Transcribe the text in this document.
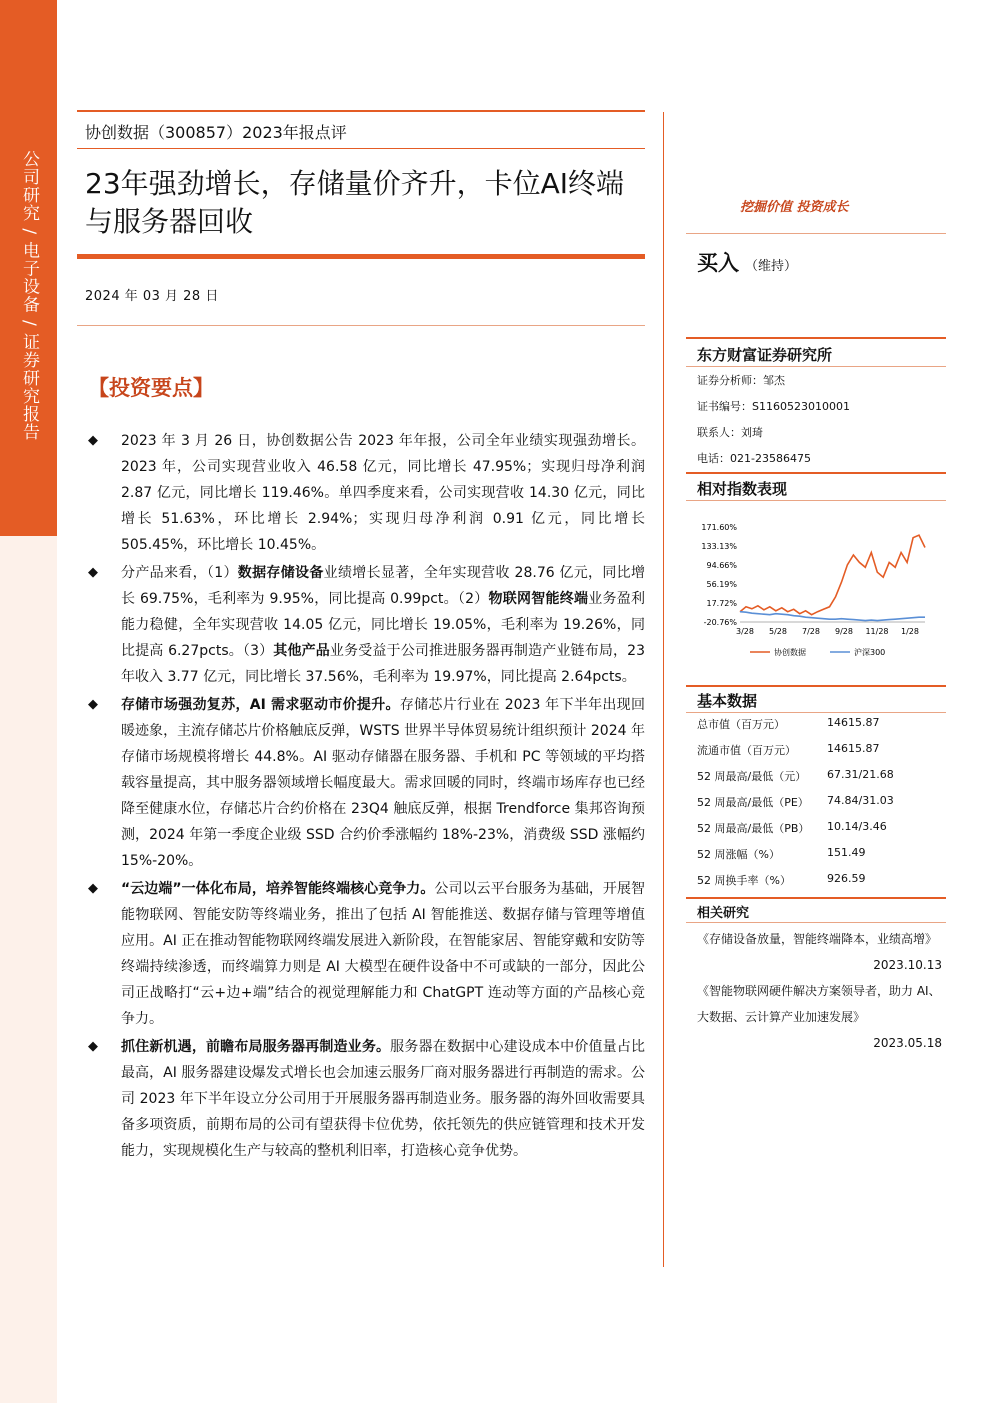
公司研究 / 电子设备 / 证券研究报告
协创数据（300857）2023年报点评
23年强劲增长，存储量价齐升，卡位AI终端与服务器回收
2024 年 03 月 28 日
【投资要点】
◆ 2023 年 3 月 26 日，协创数据公告 2023 年年报，公司全年业绩实现强劲增长。2023 年，公司实现营业收入 46.58 亿元，同比增长 47.95%；实现归母净利润 2.87 亿元，同比增长 119.46%。单四季度来看，公司实现营收 14.30 亿元，同比增长 51.63%，环比增长 2.94%；实现归母净利润 0.91 亿元，同比增长 505.45%，环比增长 10.45%。
◆ 分产品来看，（1）数据存储设备业绩增长显著，全年实现营收 28.76 亿元，同比增长 69.75%，毛利率为 9.95%，同比提高 0.99pct。（2）物联网智能终端业务盈利能力稳健，全年实现营收 14.05 亿元，同比增长 19.05%，毛利率为 19.26%，同比提高 6.27pcts。（3）其他产品业务受益于公司推进服务器再制造产业链布局，23 年收入 3.77 亿元，同比增长 37.56%，毛利率为 19.97%，同比提高 2.64pcts。
◆ 存储市场强劲复苏，AI 需求驱动市价提升。存储芯片行业在 2023 年下半年出现回暖迹象，主流存储芯片价格触底反弹，WSTS 世界半导体贸易统计组织预计 2024 年存储市场规模将增长 44.8%。AI 驱动存储器在服务器、手机和 PC 等领域的平均搭载容量提高，其中服务器领域增长幅度最大。需求回暖的同时，终端市场库存也已经降至健康水位，存储芯片合约价格在 23Q4 触底反弹，根据 Trendforce 集邦咨询预测，2024 年第一季度企业级 SSD 合约价季涨幅约 18%-23%，消费级 SSD 涨幅约 15%-20%。
◆ “云边端”一体化布局，培养智能终端核心竞争力。公司以云平台服务为基础，开展智能物联网、智能安防等终端业务，推出了包括 AI 智能推送、数据存储与管理等增值应用。AI 正在推动智能物联网终端发展进入新阶段，在智能家居、智能穿戴和安防等终端持续渗透，而终端算力则是 AI 大模型在硬件设备中不可或缺的一部分，因此公司正战略打“云+边+端”结合的视觉理解能力和 ChatGPT 连动等方面的产品核心竞争力。
◆ 抓住新机遇，前瞻布局服务器再制造业务。服务器在数据中心建设成本中价值量占比最高，AI 服务器建设爆发式增长也会加速云服务厂商对服务器进行再制造的需求。公司 2023 年下半年设立分公司用于开展服务器再制造业务。服务器的海外回收需要具备多项资质，前期布局的公司有望获得卡位优势，依托领先的供应链管理和技术开发能力，实现规模化生产与较高的整机利旧率，打造核心竞争优势。
挖掘价值 投资成长
买入 （维持）
东方财富证券研究所
证券分析师：邹杰
证书编号：S1160523010001
联系人：刘琦
电话：021-23586475
相对指数表现
171.60%
133.13%
94.66%
56.19%
17.72%
-20.76%
3/28 5/28 7/28 9/28 11/28 1/28
协创数据	沪深300
基本数据
总市值（百万元）	14615.87
流通市值（百万元）	14615.87
52 周最高/最低（元） 67.31/21.68
52 周最高/最低（PE） 74.84/31.03
52 周最高/最低（PB） 10.14/3.46
52 周涨幅（%）	151.49
52 周换手率（%）	926.59
相关研究
《存储设备放量，智能终端降本，业绩高增》
2023.10.13
《智能物联网硬件解决方案领导者，助力 AI、大数据、云计算产业加速发展》
2023.05.18
